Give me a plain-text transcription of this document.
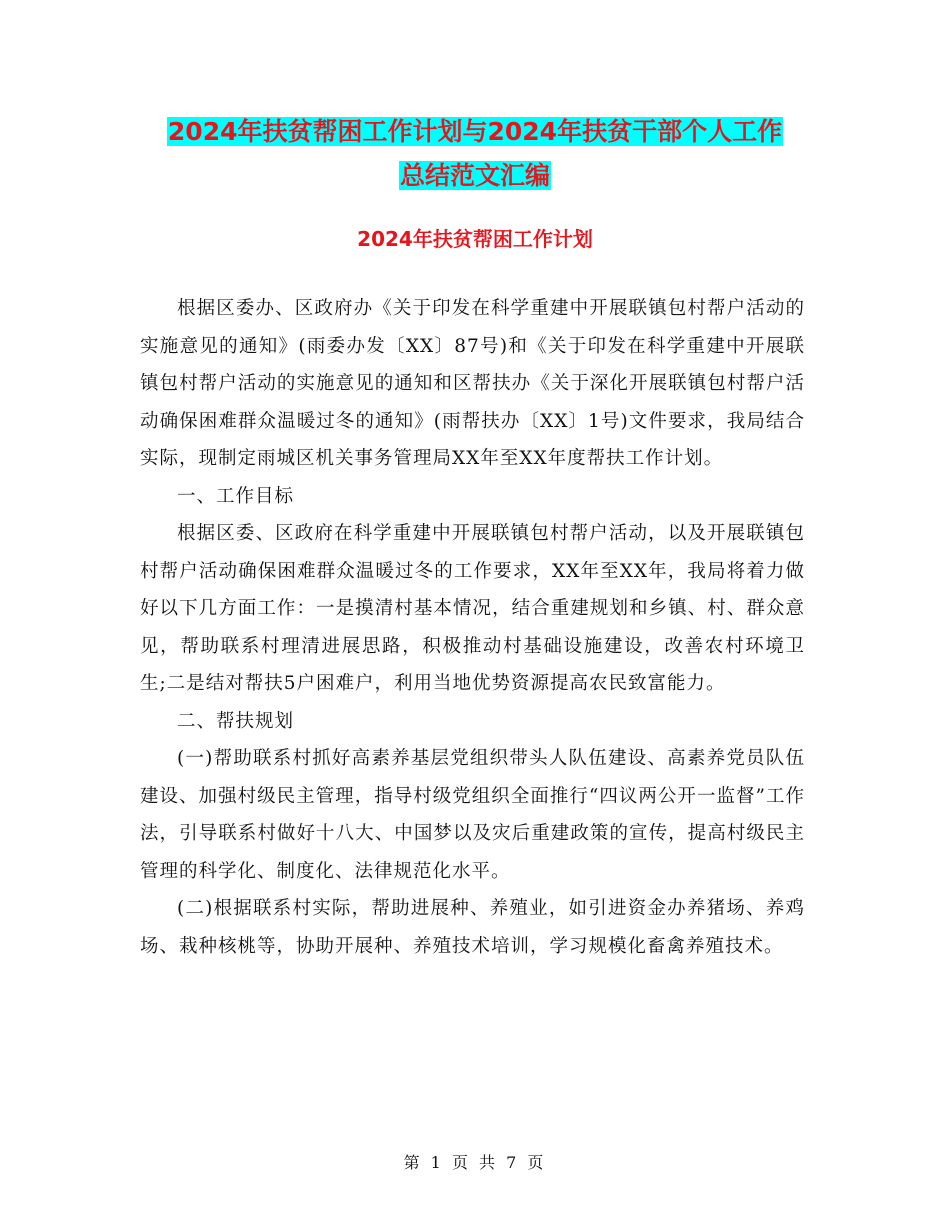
2024年扶贫帮困工作计划与2024年扶贫干部个人工作
总结范文汇编
2024年扶贫帮困工作计划

根据区委办、区政府办《关于印发在科学重建中开展联镇包村帮户活动的实施意见的通知》(雨委办发〔XX〕87号)和《关于印发在科学重建中开展联镇包村帮户活动的实施意见的通知和区帮扶办《关于深化开展联镇包村帮户活动确保困难群众温暖过冬的通知》(雨帮扶办〔XX〕1号)文件要求，我局结合实际，现制定雨城区机关事务管理局XX年至XX年度帮扶工作计划。

一、工作目标

根据区委、区政府在科学重建中开展联镇包村帮户活动，以及开展联镇包村帮户活动确保困难群众温暖过冬的工作要求，XX年至XX年，我局将着力做好以下几方面工作：一是摸清村基本情况，结合重建规划和乡镇、村、群众意见，帮助联系村理清进展思路，积极推动村基础设施建设，改善农村环境卫生;二是结对帮扶5户困难户，利用当地优势资源提高农民致富能力。

二、帮扶规划

(一)帮助联系村抓好高素养基层党组织带头人队伍建设、高素养党员队伍建设、加强村级民主管理，指导村级党组织全面推行“四议两公开一监督”工作法，引导联系村做好十八大、中国梦以及灾后重建政策的宣传，提高村级民主管理的科学化、制度化、法律规范化水平。

(二)根据联系村实际，帮助进展种、养殖业，如引进资金办养猪场、养鸡场、栽种核桃等，协助开展种、养殖技术培训，学习规模化畜禽养殖技术。

第 1 页 共 7 页
